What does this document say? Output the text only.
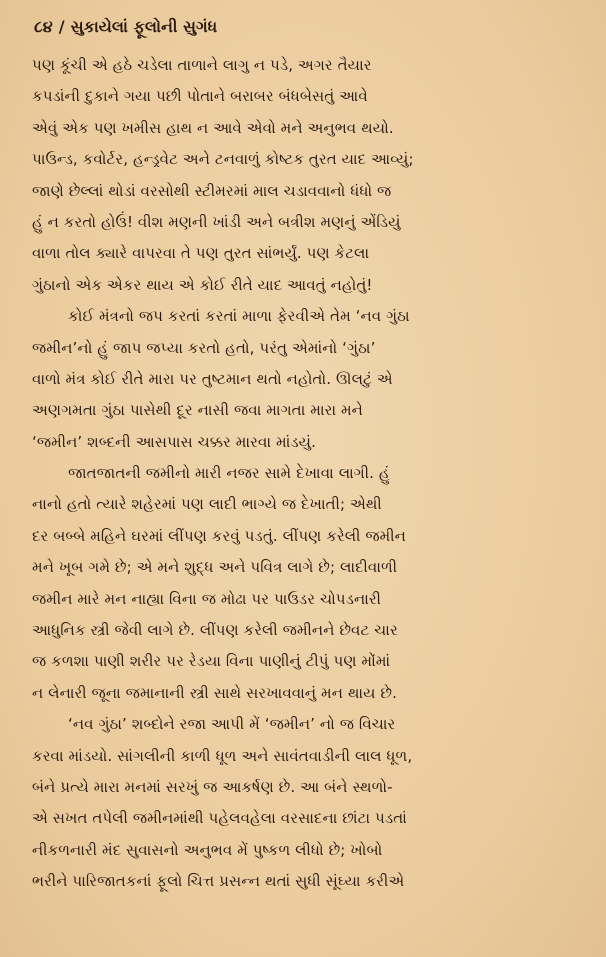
૮૪ / સુકાયેલાં ફૂલોની સુગંધ
પણ કૂંચી એ હઠે ચડેલા તાળાને લાગુ ન પડે, અગર તૈયાર
કપડાંની દુકાને ગયા પછી પોતાને બરાબર બંધબેસતું આવે
એવું એક પણ ખમીસ હાથ ન આવે એવો મને અનુભવ થયો.
પાઉન્ડ, કવોર્ટર, હન્ડ્રવેટ અને ટનવાળું કોષ્ટક તુરત યાદ આવ્યું;
જાણે છેલ્લાં થોડાં વરસોથી સ્ટીમરમાં માલ ચડાવવાનો ધંધો જ
હું ન કરતો હોઉં! વીશ મણની ખાંડી અને બત્રીશ મણનું એંડિયું
વાળા તોલ ક્યારે વાપરવા તે પણ તુરત સાંભર્યું. પણ કેટલા
ગુંઠાનો એક એકર થાય એ કોઈ રીતે યાદ આવતું નહોતું!
કોઈ મંત્રનો જપ કરતાં કરતાં માળા ફેરવીએ તેમ ‘નવ ગુંઠા
જમીન’નો હું જાપ જપ્યા કરતો હતો, પરંતુ એમાંનો ‘ગુંઠા’
વાળો મંત્ર કોઈ રીતે મારા પર તુષ્ટમાન થતો નહોતો. ઊલટું એ
અણગમતા ગુંઠા પાસેથી દૂર નાસી જવા માગતા મારા મને
‘જમીન’ શબ્દની આસપાસ ચક્કર મારવા માંડયું.
જાતજાતની જમીનો મારી નજર સામે દેખાવા લાગી. હું
નાનો હતો ત્યારે શહેરમાં પણ લાદી ભાગ્યે જ દેખાતી; એથી
દર બબ્બે મહિને ઘરમાં લીંપણ કરવું પડતું. લીંપણ કરેલી જમીન
મને ખૂબ ગમે છે; એ મને શુદ્ધ અને પવિત્ર લાગે છે; લાદીવાળી
જમીન મારે મન નાહ્યા વિના જ મોઢા પર પાઉડર ચોપડનારી
આધુનિક સ્ત્રી જેવી લાગે છે. લીંપણ કરેલી જમીનને છેવટ ચાર
જ કળશા પાણી શરીર પર રેડયા વિના પાણીનું ટીપું પણ મોંમાં
ન લેનારી જૂના જમાનાની સ્ત્રી સાથે સરખાવવાનું મન થાય છે.
‘નવ ગુંઠા’ શબ્દોને રજા આપી મેં ‘જમીન’ નો જ વિચાર
કરવા માંડયો. સાંગલીની કાળી ધૂળ અને સાવંતવાડીની લાલ ધૂળ,
બંને પ્રત્યે મારા મનમાં સરખું જ આકર્ષણ છે. આ બંને સ્થળો-
એ સખત તપેલી જમીનમાંથી પહેલવહેલા વરસાદના છાંટા પડતાં
નીકળનારી મંદ સુવાસનો અનુભવ મેં પુષ્કળ લીધો છે; ખોબો
ભરીને પારિજાતકનાં ફૂલો ચિત્ત પ્રસન્ન થતાં સુધી સૂંઘ્યા કરીએ
